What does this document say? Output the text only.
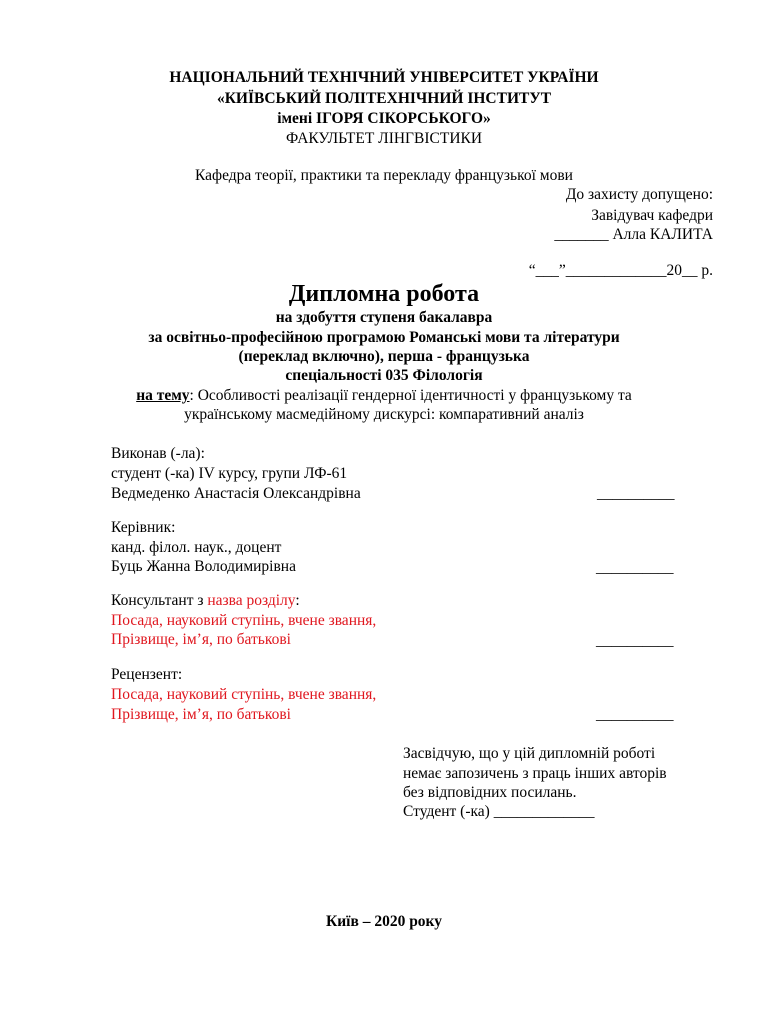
НАЦІОНАЛЬНИЙ ТЕХНІЧНИЙ УНІВЕРСИТЕТ УКРАЇНИ
«КИЇВСЬКИЙ ПОЛІТЕХНІЧНИЙ ІНСТИТУТ
імені ІГОРЯ СІКОРСЬКОГО»
ФАКУЛЬТЕТ ЛІНГВІСТИКИ
Кафедра теорії, практики та перекладу французької мови
До захисту допущено:
Завідувач кафедри
_______ Алла КАЛИТА
“___”_____________20__ р.
Дипломна робота
на здобуття ступеня бакалавра
за освітньо-професійною програмою Романські мови та літератури
(переклад включно), перша - французька
спеціальності 035 Філологія
на тему: Особливості реалізації гендерної ідентичності у французькому та
українському масмедійному дискурсі: компаративний аналіз
Виконав (-ла):
студент (-ка) IV курсу, групи ЛФ-61
Ведмеденко Анастасія Олександрівна	__________
Керівник:
канд. філол. наук., доцент
Буць Жанна Володимирівна	__________
Консультант з назва розділу:
Посада, науковий ступінь, вчене звання,
Прізвище, ім’я, по батькові	__________
Рецензент:
Посада, науковий ступінь, вчене звання,
Прізвище, ім’я, по батькові	__________
Засвідчую, що у цій дипломній роботі
немає запозичень з праць інших авторів
без відповідних посилань.
Студент (-ка) _____________
Київ – 2020 року
